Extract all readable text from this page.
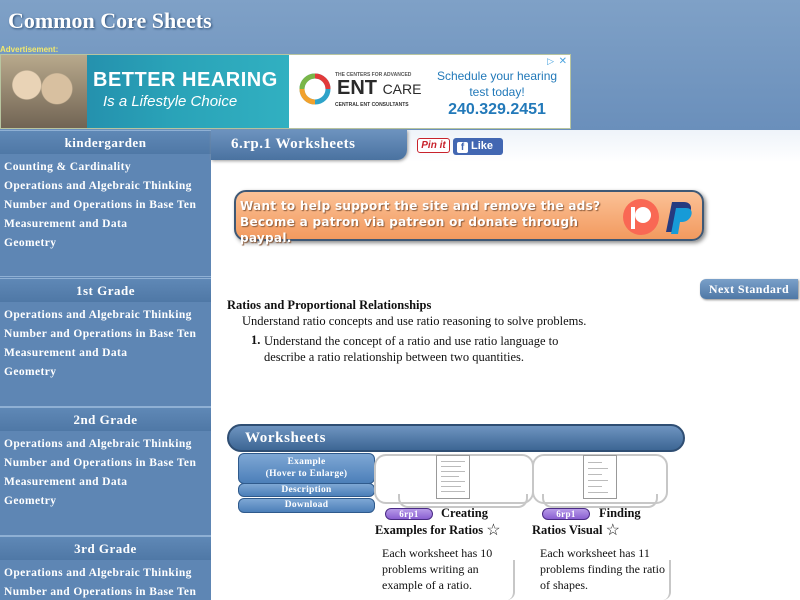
Common Core Sheets
Advertisement:
BETTER HEARING
Is a Lifestyle Choice
THE CENTERS FOR ADVANCED
ENT CARE
CENTRAL ENT CONSULTANTS
Schedule your hearing test today!
240.329.2451
▷ ✕
kindergarden
Counting & Cardinality
Operations and Algebraic Thinking
Number and Operations in Base Ten
Measurement and Data
Geometry
1st Grade
Operations and Algebraic Thinking
Number and Operations in Base Ten
Measurement and Data
Geometry
2nd Grade
Operations and Algebraic Thinking
Number and Operations in Base Ten
Measurement and Data
Geometry
3rd Grade
Operations and Algebraic Thinking
Number and Operations in Base Ten
6.rp.1 Worksheets	Pin it	f Like
Want to help support the site and remove the ads?
Become a patron via patreon or donate through paypal.
Next Standard
Ratios and Proportional Relationships
Understand ratio concepts and use ratio reasoning to solve problems.
1. Understand the concept of a ratio and use ratio language to describe a ratio relationship between two quantities.
Worksheets
Example
(Hover to Enlarge)
Description
Download
6rp1	Creating
Examples for Ratios ☆
Each worksheet has 10 problems writing an example of a ratio.
6rp1	Finding
Ratios Visual ☆
Each worksheet has 11 problems finding the ratio of shapes.
